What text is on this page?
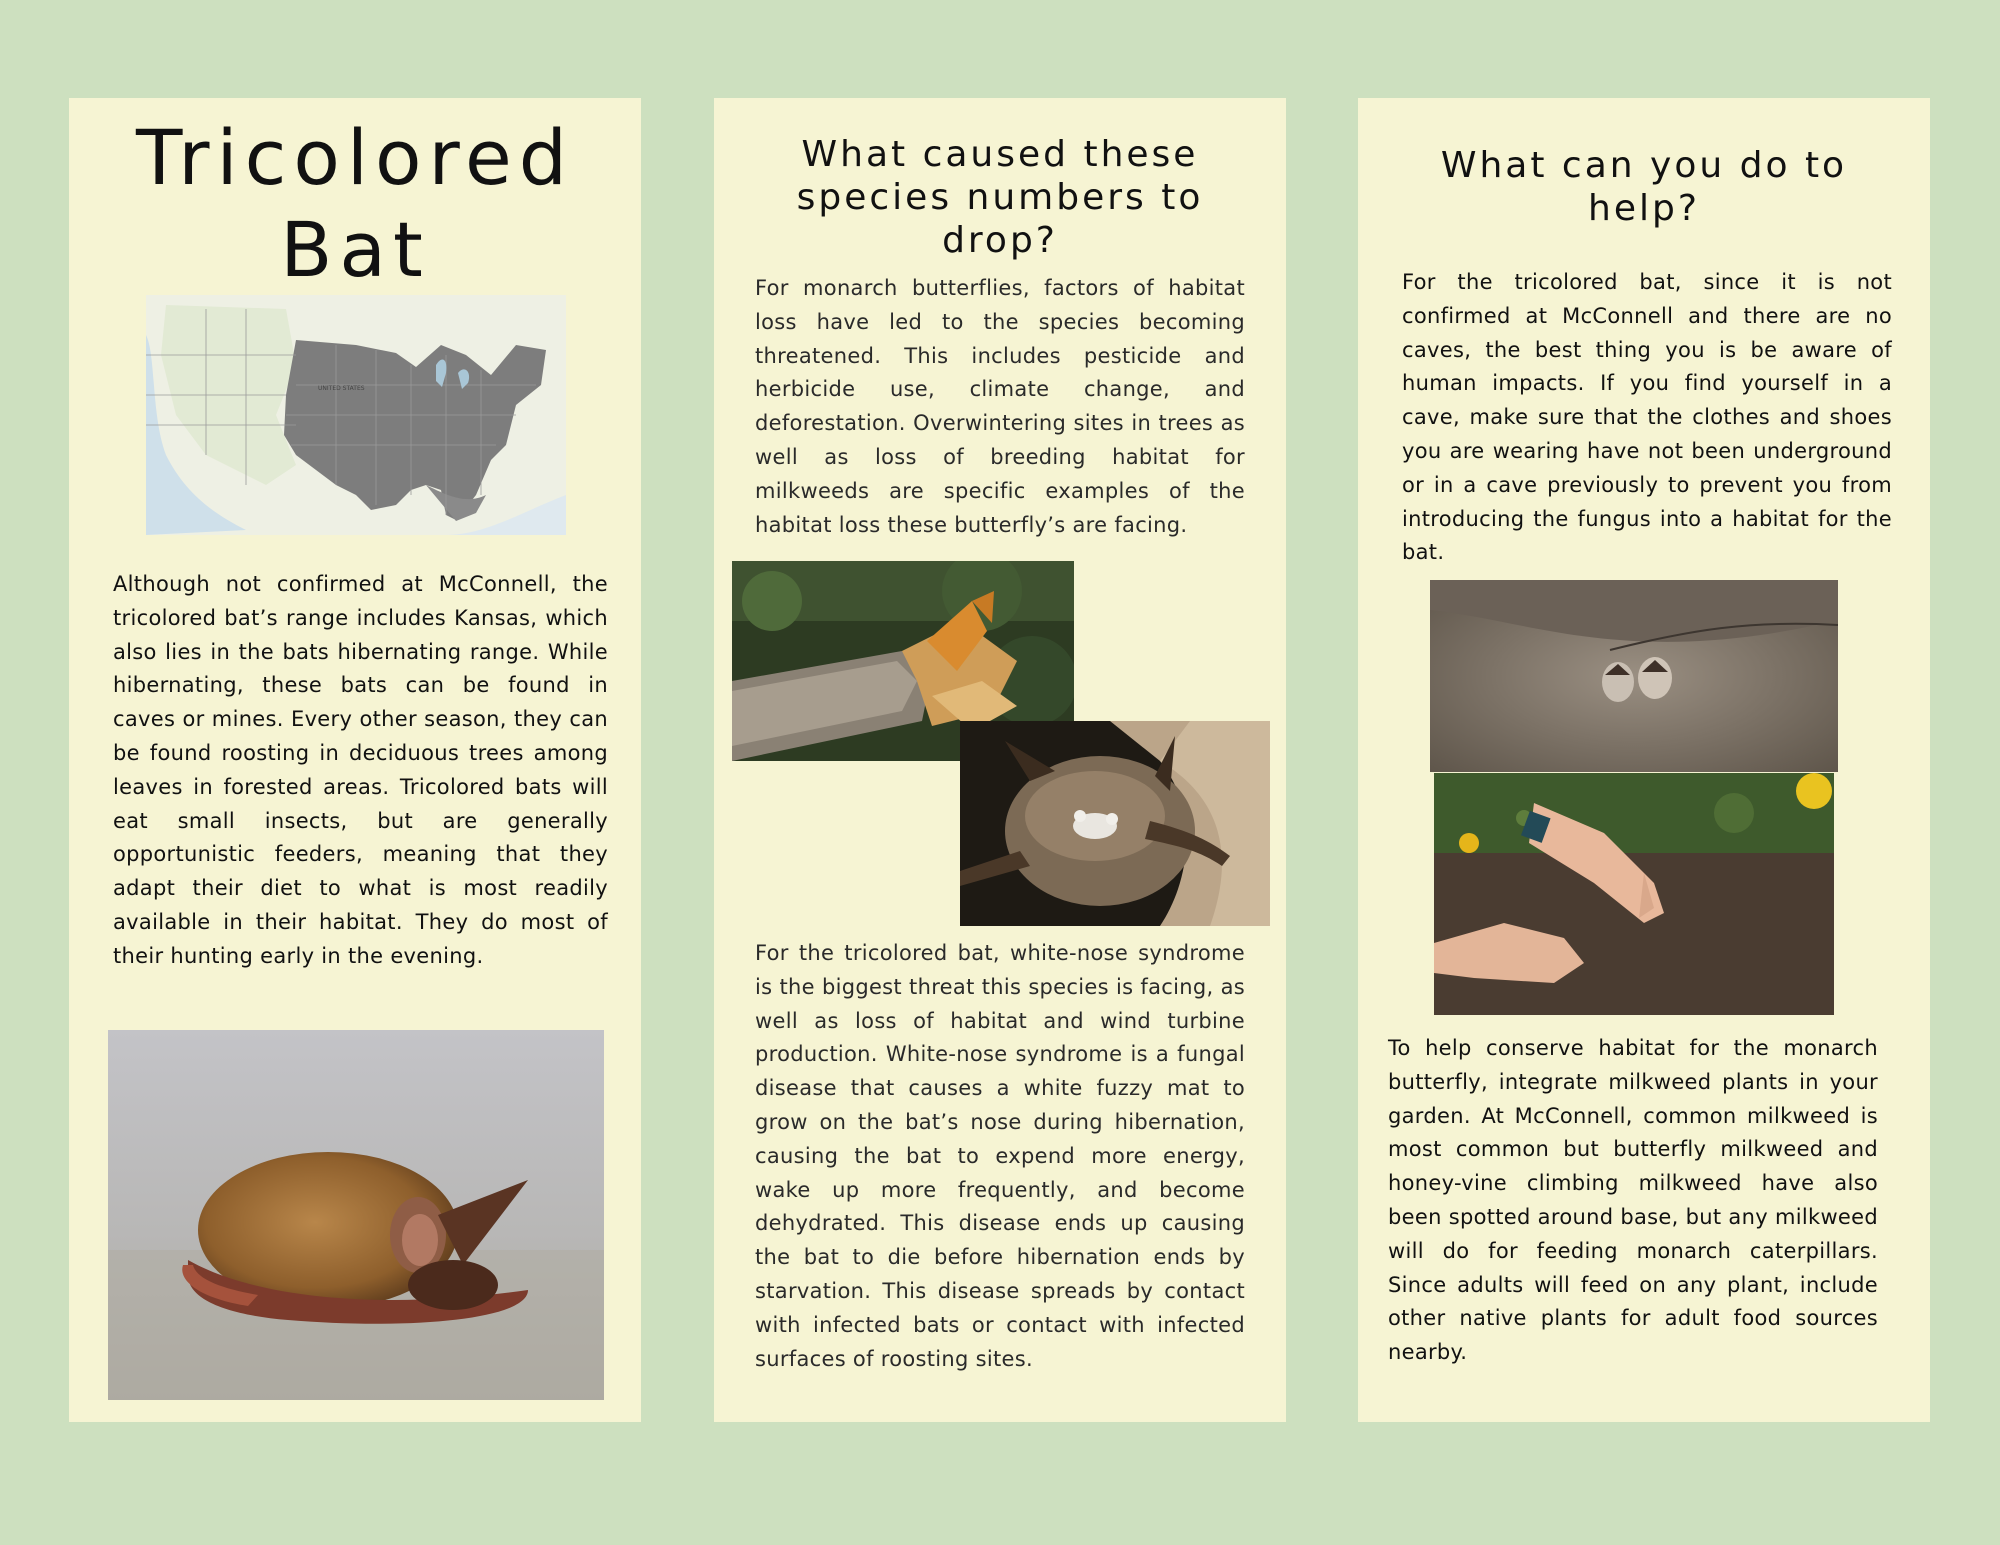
Tricolored
Bat
UNITED STATES

Although not confirmed at McConnell, the tricolored bat’s range includes Kansas, which also lies in the bats hibernating range. While hibernating, these bats can be found in caves or mines. Every other season, they can be found roosting in deciduous trees among leaves in forested areas. Tricolored bats will eat small insects, but are generally opportunistic feeders, meaning that they adapt their diet to what is most readily available in their habitat. They do most of their hunting early in the evening.

What caused these
species numbers to
drop?

For monarch butterflies, factors of habitat loss have led to the species becoming threatened. This includes pesticide and herbicide use, climate change, and deforestation. Overwintering sites in trees as well as loss of breeding habitat for milkweeds are specific examples of the habitat loss these butterfly’s are facing.

For the tricolored bat, white-nose syndrome is the biggest threat this species is facing, as well as loss of habitat and wind turbine production. White-nose syndrome is a fungal disease that causes a white fuzzy mat to grow on the bat’s nose during hibernation, causing the bat to expend more energy, wake up more frequently, and become dehydrated. This disease ends up causing the bat to die before hibernation ends by starvation. This disease spreads by contact with infected bats or contact with infected surfaces of roosting sites.

What can you do to
help?

For the tricolored bat, since it is not confirmed at McConnell and there are no caves, the best thing you is be aware of human impacts. If you find yourself in a cave, make sure that the clothes and shoes you are wearing have not been underground or in a cave previously to prevent you from introducing the fungus into a habitat for the bat.

To help conserve habitat for the monarch butterfly, integrate milkweed plants in your garden. At McConnell, common milkweed is most common but butterfly milkweed and honey-vine climbing milkweed have also been spotted around base, but any milkweed will do for feeding monarch caterpillars. Since adults will feed on any plant, include other native plants for adult food sources nearby.
